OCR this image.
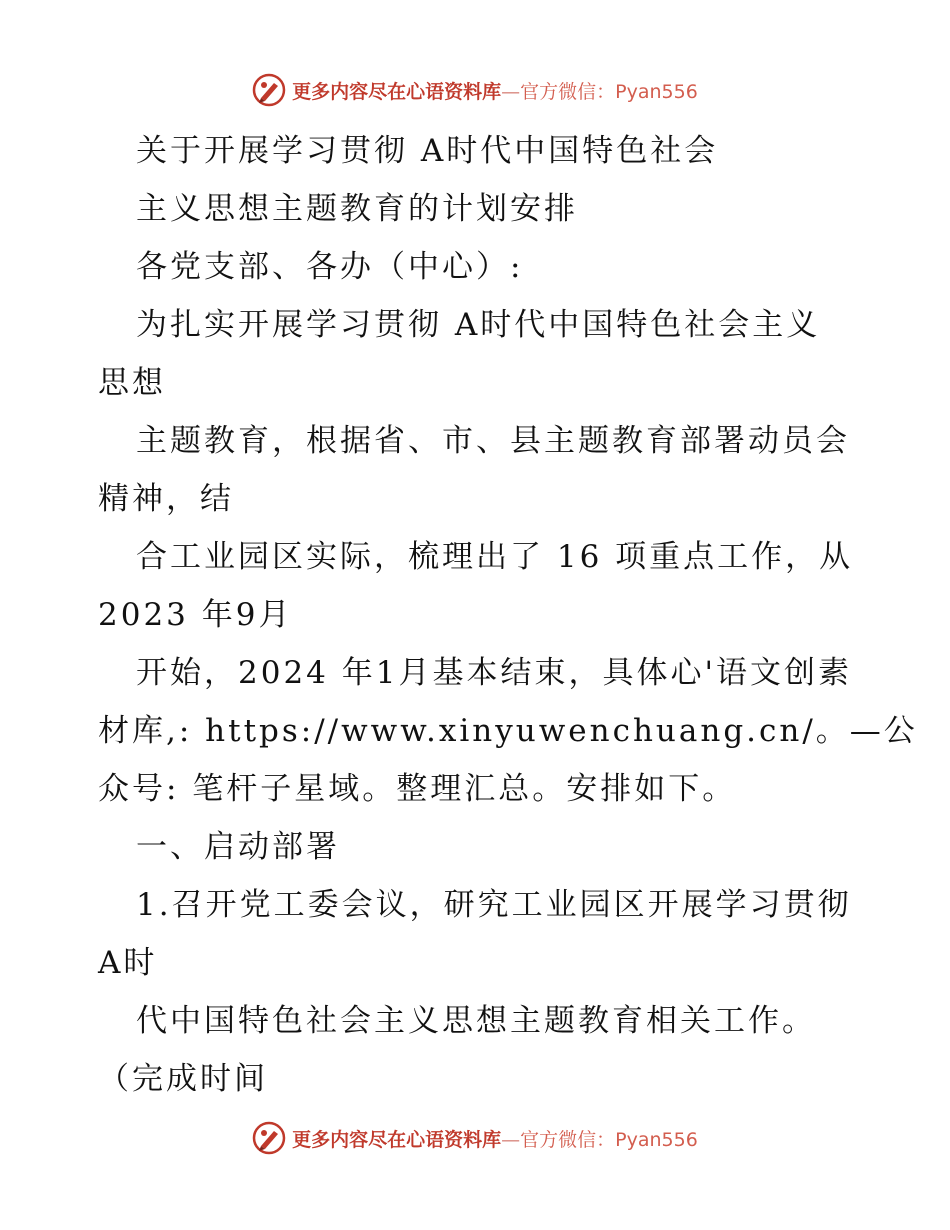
更多内容尽在心语资料库—官方微信：Pyan556
关于开展学习贯彻 A时代中国特色社会
主义思想主题教育的计划安排
各党支部、各办（中心）:
为扎实开展学习贯彻 A时代中国特色社会主义
思想
主题教育，根据省、市、县主题教育部署动员会
精神，结
合工业园区实际，梳理出了 16 项重点工作，从
2023 年9月
开始，2024 年1月基本结束，具体心'语文创素
材库,: https://www.xinyuwenchuang.cn/。—公
众号: 笔杆子星域。整理汇总。安排如下。
一、启动部署
1.召开党工委会议，研究工业园区开展学习贯彻
A时
代中国特色社会主义思想主题教育相关工作。
（完成时间
更多内容尽在心语资料库—官方微信：Pyan556
